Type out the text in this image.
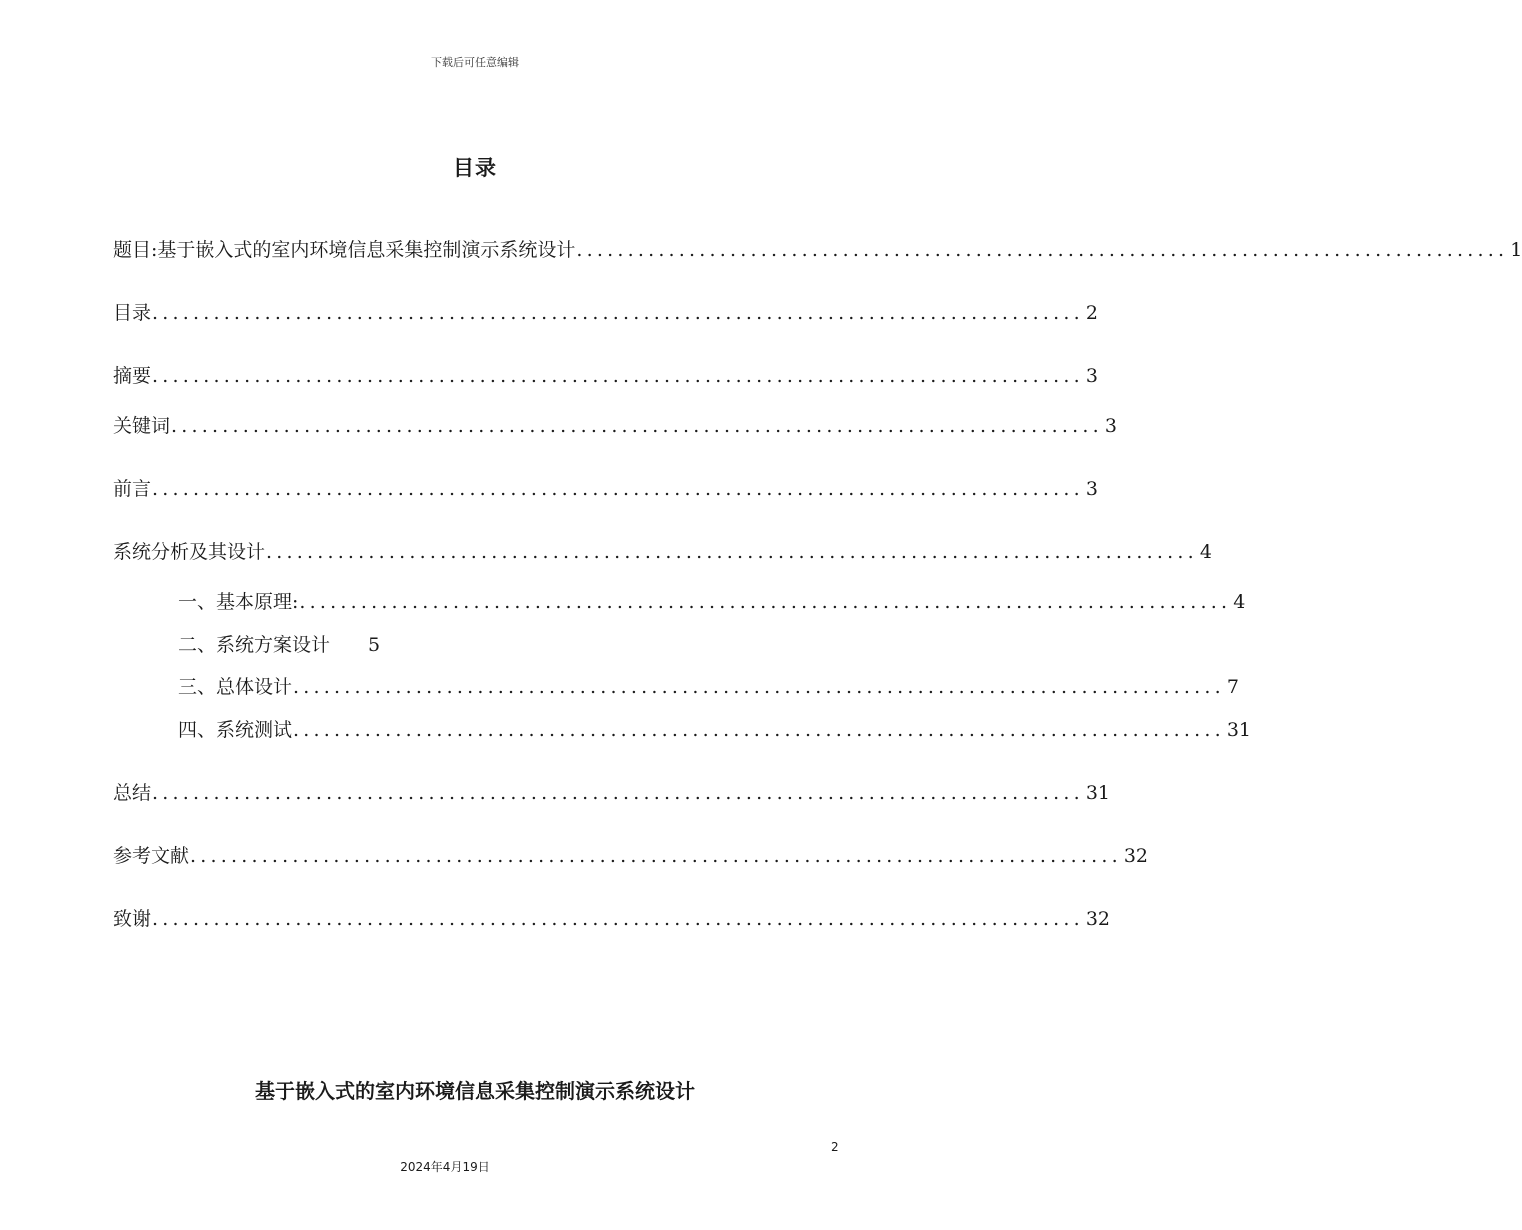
下载后可任意编辑
目录
题目:基于嵌入式的室内环境信息采集控制演示系统设计 ........................................................................................... 1
目录 ........................................................................................... 2
摘要 ........................................................................................... 3
关键词 ........................................................................................... 3
前言 ........................................................................................... 3
系统分析及其设计 ........................................................................................... 4
一、基本原理: ........................................................................................... 4
二、系统方案设计 5
三、总体设计 ........................................................................................... 7
四、系统测试 ........................................................................................... 31
总结 ........................................................................................... 31
参考文献 ........................................................................................... 32
致谢 ........................................................................................... 32
基于嵌入式的室内环境信息采集控制演示系统设计
2
2024年4月19日
